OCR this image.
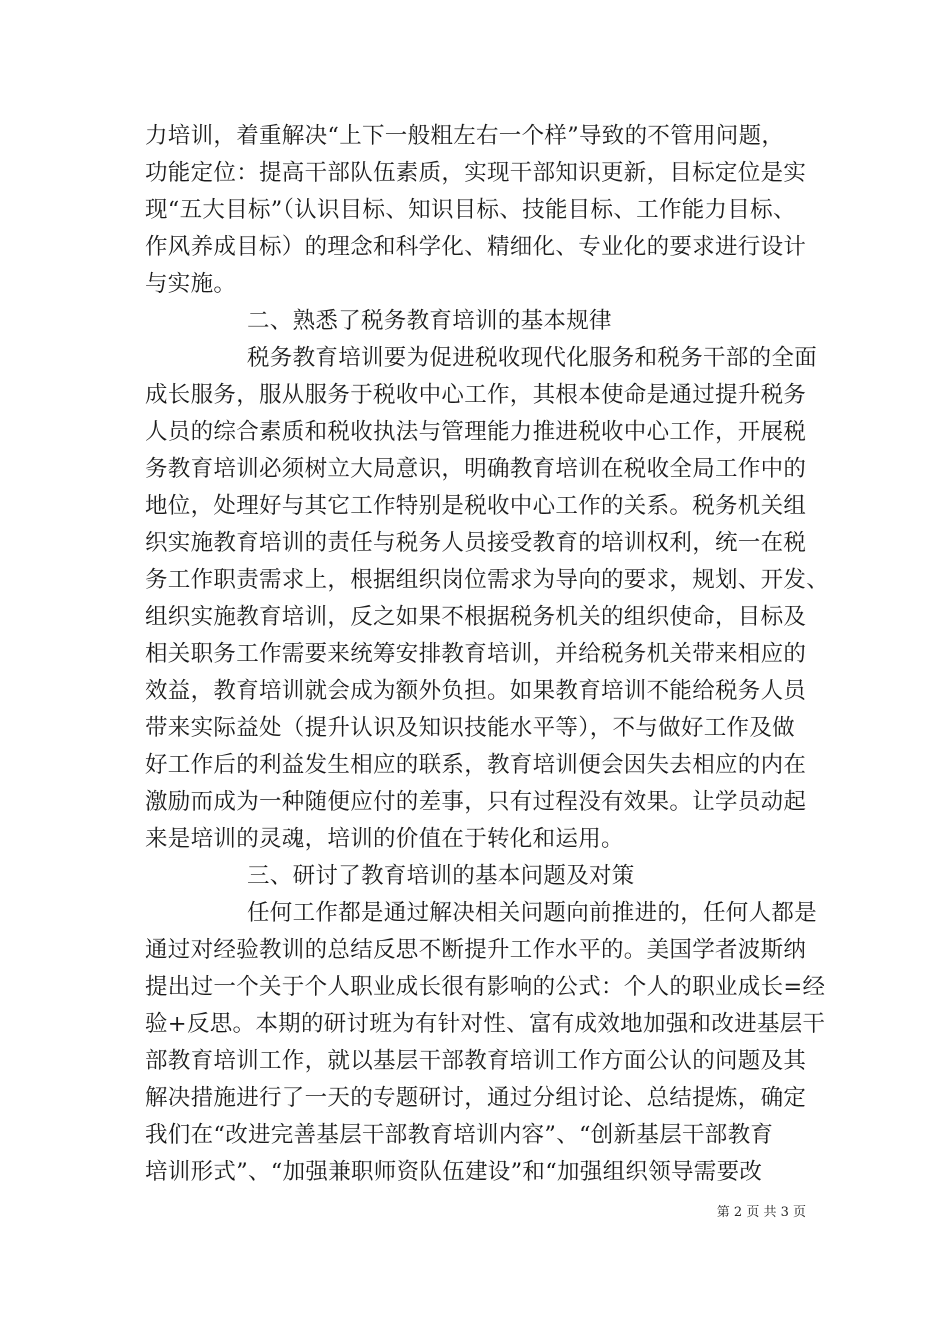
力培训，着重解决“上下一般粗左右一个样”导致的不管用问题，
功能定位：提高干部队伍素质，实现干部知识更新，目标定位是实
现“五大目标”（认识目标、知识目标、技能目标、工作能力目标、
作风养成目标）的理念和科学化、精细化、专业化的要求进行设计
与实施。
二、熟悉了税务教育培训的基本规律
税务教育培训要为促进税收现代化服务和税务干部的全面
成长服务，服从服务于税收中心工作，其根本使命是通过提升税务
人员的综合素质和税收执法与管理能力推进税收中心工作，开展税
务教育培训必须树立大局意识，明确教育培训在税收全局工作中的
地位，处理好与其它工作特别是税收中心工作的关系。税务机关组
织实施教育培训的责任与税务人员接受教育的培训权利，统一在税
务工作职责需求上，根据组织岗位需求为导向的要求，规划、开发、
组织实施教育培训，反之如果不根据税务机关的组织使命，目标及
相关职务工作需要来统筹安排教育培训，并给税务机关带来相应的
效益，教育培训就会成为额外负担。如果教育培训不能给税务人员
带来实际益处（提升认识及知识技能水平等），不与做好工作及做
好工作后的利益发生相应的联系，教育培训便会因失去相应的内在
激励而成为一种随便应付的差事，只有过程没有效果。让学员动起
来是培训的灵魂，培训的价值在于转化和运用。
三、研讨了教育培训的基本问题及对策
任何工作都是通过解决相关问题向前推进的，任何人都是
通过对经验教训的总结反思不断提升工作水平的。美国学者波斯纳
提出过一个关于个人职业成长很有影响的公式：个人的职业成长=经
验+反思。本期的研讨班为有针对性、富有成效地加强和改进基层干
部教育培训工作，就以基层干部教育培训工作方面公认的问题及其
解决措施进行了一天的专题研讨，通过分组讨论、总结提炼，确定
我们在“改进完善基层干部教育培训内容”、“创新基层干部教育
培训形式”、“加强兼职师资队伍建设”和“加强组织领导需要改
第 2 页 共 3 页
